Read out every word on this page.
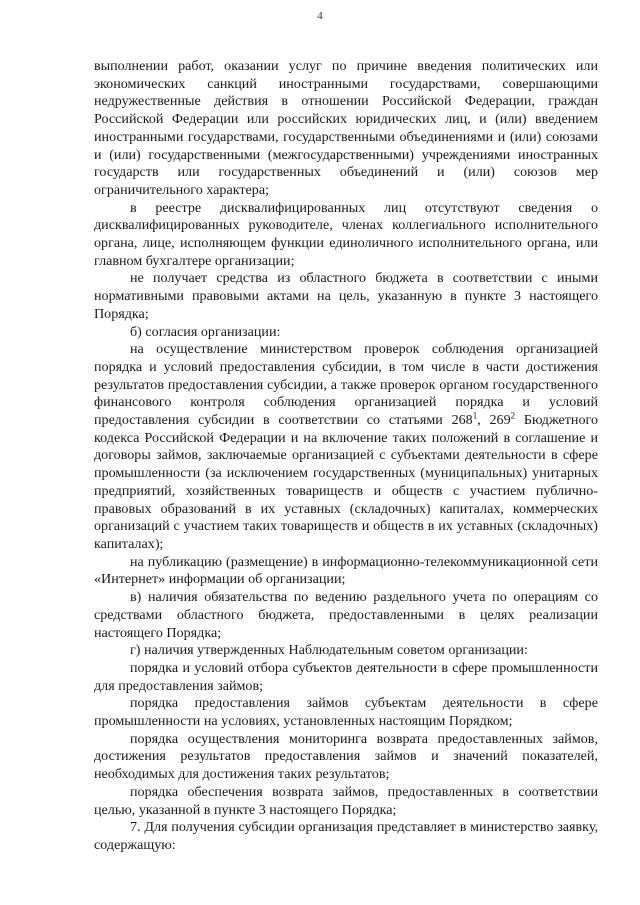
4

выполнении работ, оказании услуг по причине введения политических или экономических санкций иностранными государствами, совершающими недружественные действия в отношении Российской Федерации, граждан Российской Федерации или российских юридических лиц, и (или) введением иностранными государствами, государственными объединениями и (или) союзами и (или) государственными (межгосударственными) учреждениями иностранных государств или государственных объединений и (или) союзов мер ограничительного характера;

в реестре дисквалифицированных лиц отсутствуют сведения о дисквалифицированных руководителе, членах коллегиального исполнительного органа, лице, исполняющем функции единоличного исполнительного органа, или главном бухгалтере организации;

не получает средства из областного бюджета в соответствии с иными нормативными правовыми актами на цель, указанную в пункте 3 настоящего Порядка;

б) согласия организации:

на осуществление министерством проверок соблюдения организацией порядка и условий предоставления субсидии, в том числе в части достижения результатов предоставления субсидии, а также проверок органом государственного финансового контроля соблюдения организацией порядка и условий предоставления субсидии в соответствии со статьями $268^1$, $269^2$ Бюджетного кодекса Российской Федерации и на включение таких положений в соглашение и договоры займов, заключаемые организацией с субъектами деятельности в сфере промышленности (за исключением государственных (муниципальных) унитарных предприятий, хозяйственных товариществ и обществ с участием публично-правовых образований в их уставных (складочных) капиталах, коммерческих организаций с участием таких товариществ и обществ в их уставных (складочных) капиталах);

на публикацию (размещение) в информационно-телекоммуникационной сети «Интернет» информации об организации;

в) наличия обязательства по ведению раздельного учета по операциям со средствами областного бюджета, предоставленными в целях реализации настоящего Порядка;

г) наличия утвержденных Наблюдательным советом организации:

порядка и условий отбора субъектов деятельности в сфере промышленности для предоставления займов;

порядка предоставления займов субъектам деятельности в сфере промышленности на условиях, установленных настоящим Порядком;

порядка осуществления мониторинга возврата предоставленных займов, достижения результатов предоставления займов и значений показателей, необходимых для достижения таких результатов;

порядка обеспечения возврата займов, предоставленных в соответствии целью, указанной в пункте 3 настоящего Порядка;

7. Для получения субсидии организация представляет в министерство заявку, содержащую:
